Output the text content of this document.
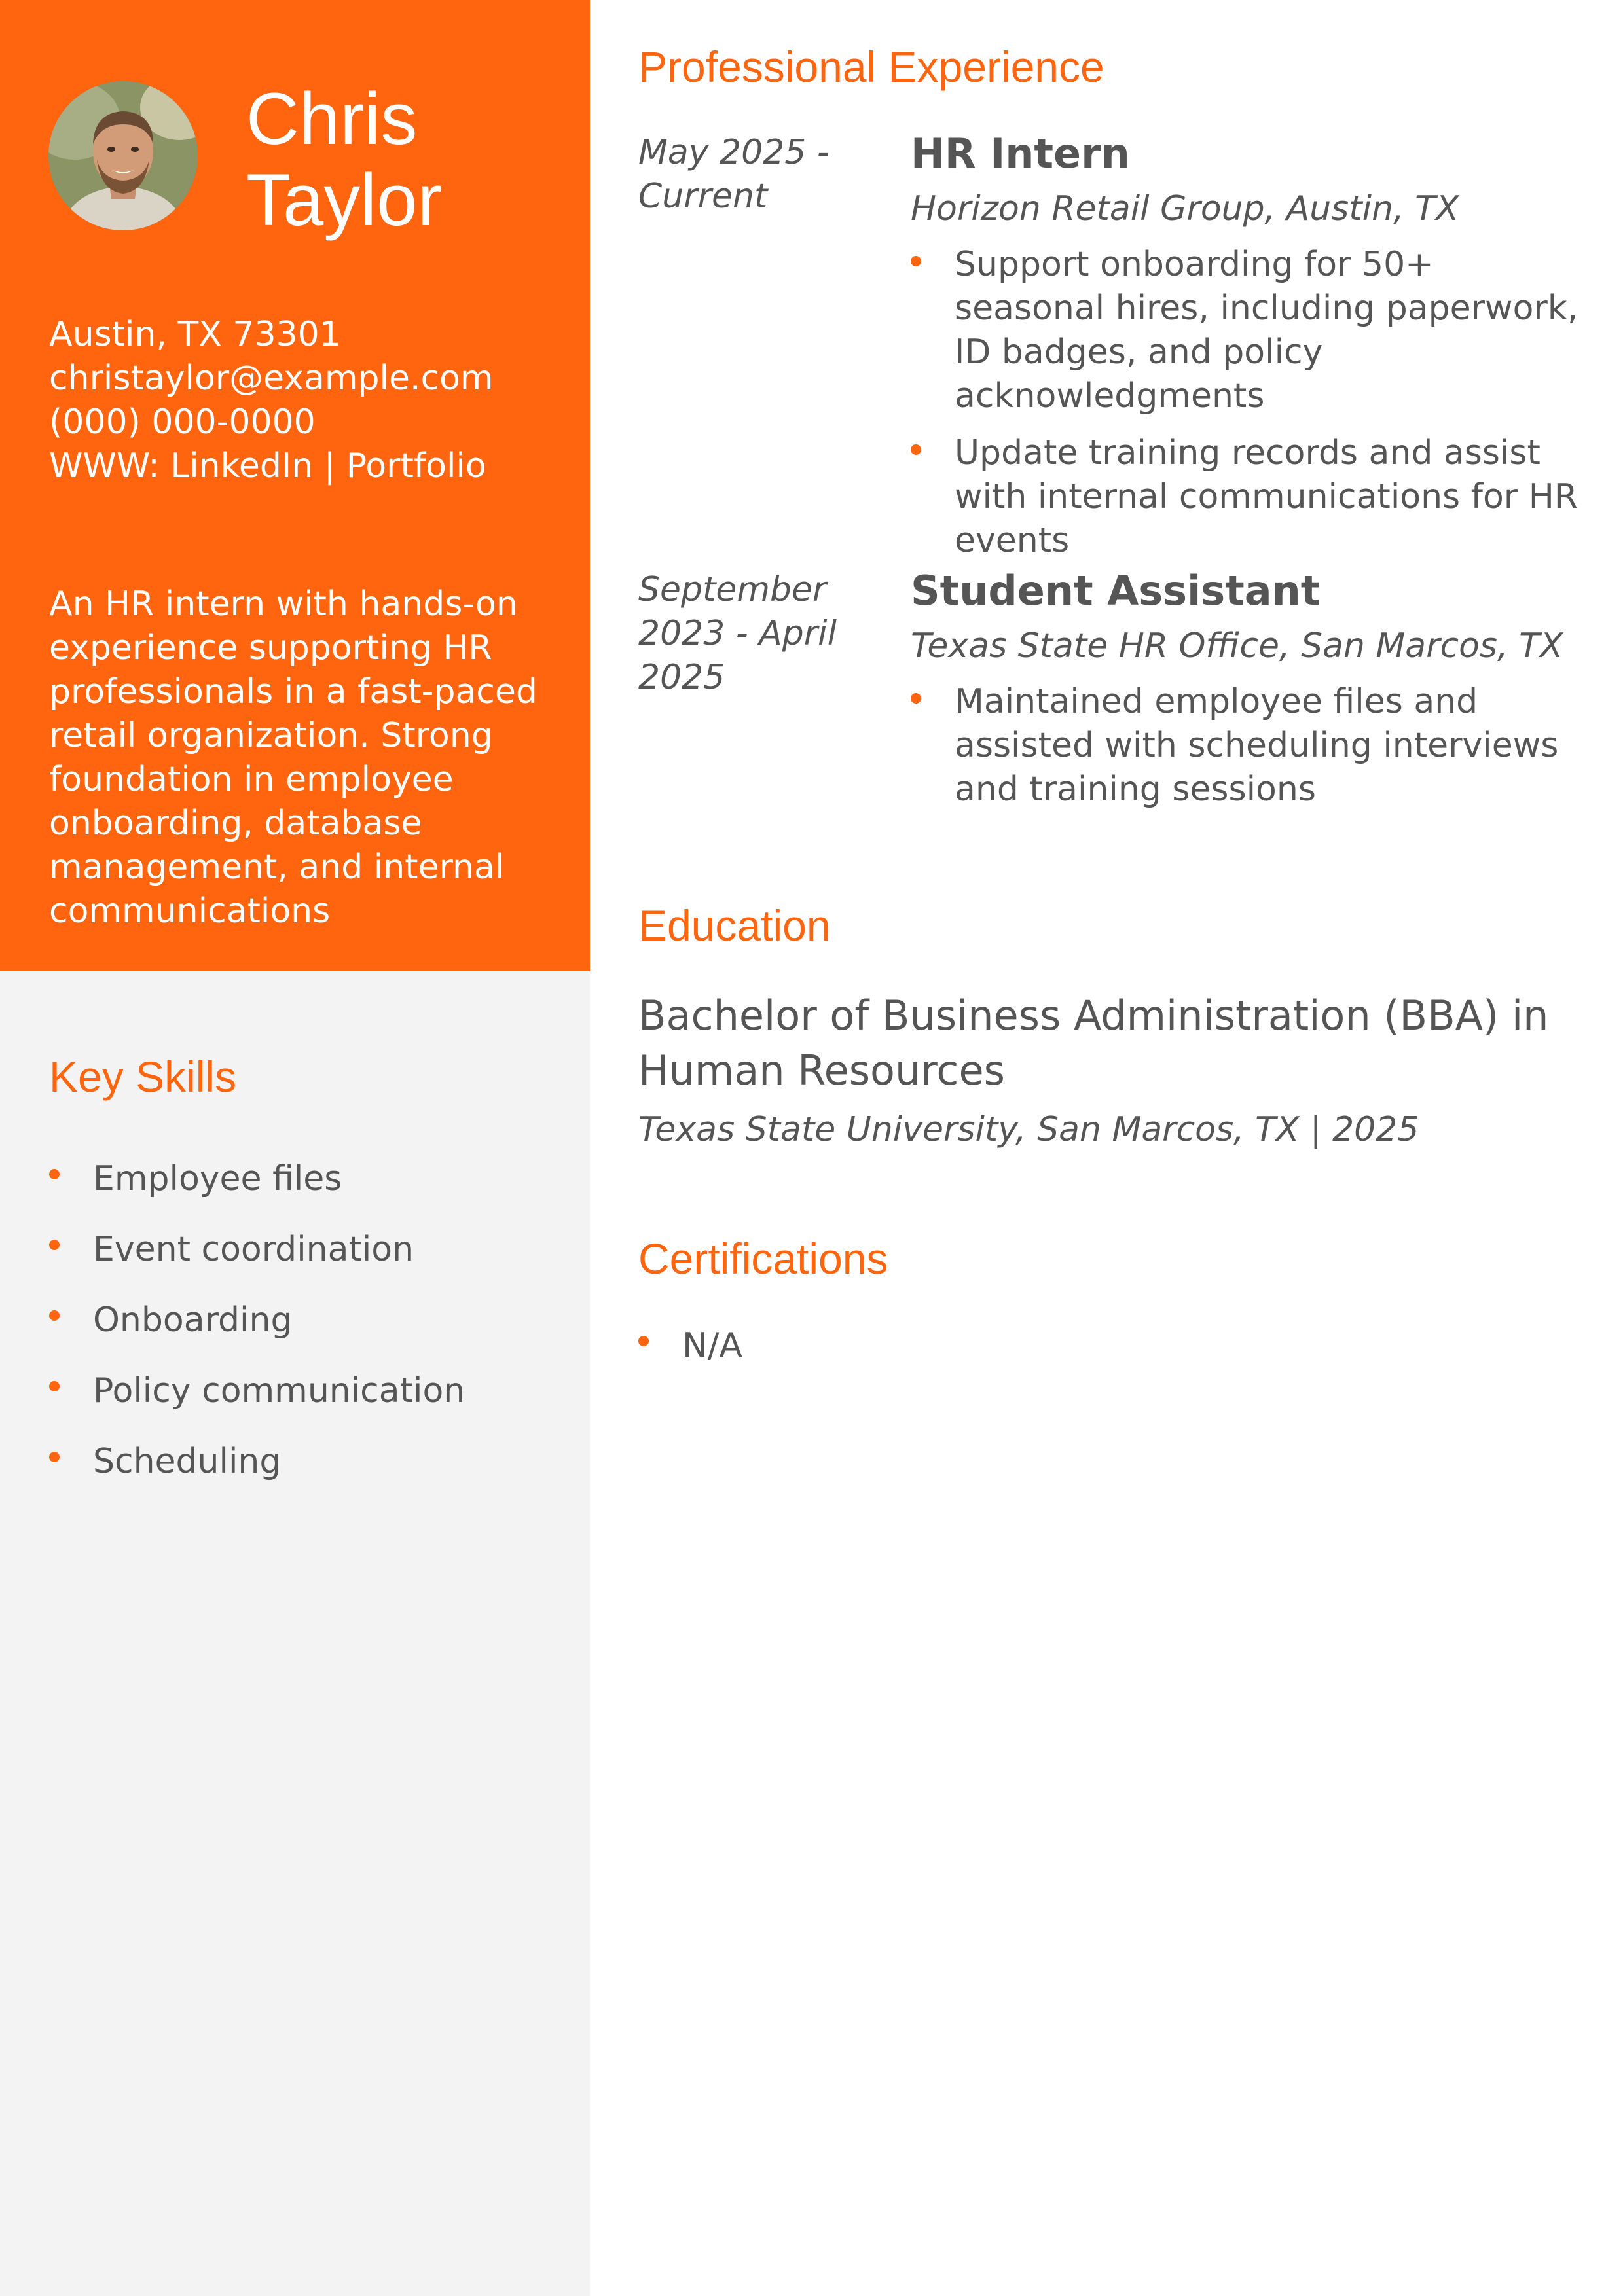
Chris
Taylor
Austin, TX 73301
christaylor@example.com
(000) 000-0000
WWW: LinkedIn | Portfolio
An HR intern with hands-on experience supporting HR professionals in a fast-paced retail organization. Strong foundation in employee onboarding, database management, and internal communications
Key Skills
Employee files
Event coordination
Onboarding
Policy communication
Scheduling
Professional Experience
May 2025 - Current
HR Intern
Horizon Retail Group, Austin, TX
Support onboarding for 50+ seasonal hires, including paperwork, ID badges, and policy acknowledgments
Update training records and assist with internal communications for HR events
September 2023 - April 2025
Student Assistant
Texas State HR Office, San Marcos, TX
Maintained employee files and assisted with scheduling interviews and training sessions
Education
Bachelor of Business Administration (BBA) in Human Resources
Texas State University, San Marcos, TX | 2025
Certifications
N/A
